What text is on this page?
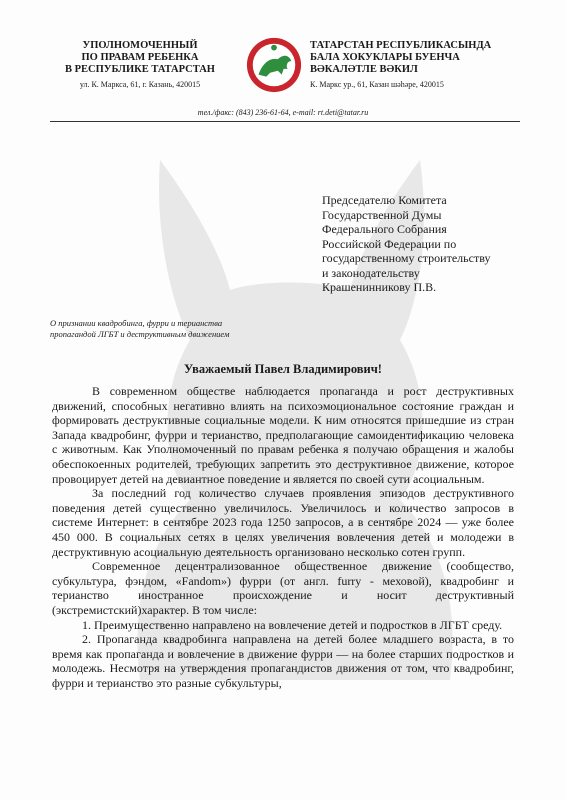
УПОЛНОМОЧЕННЫЙ
ПО ПРАВАМ РЕБЕНКА
В РЕСПУБЛИКЕ ТАТАРСТАН
ул. К. Маркса, 61, г. Казань, 420015
ТАТАРСТАН РЕСПУБЛИКАСЫНДА
БАЛА ХОКУКЛАРЫ БУЕНЧА
ВӘКАЛӘТЛЕ ВӘКИЛ
К. Маркс ур., 61, Казан шәһәре, 420015
тел./факс: (843) 236-61-64, e-mail: rt.deti@tatar.ru
Председателю Комитета
Государственной Думы
Федерального Собрания
Российской Федерации по
государственному строительству
и законодательству
Крашенинникову П.В.
О признании квадробинга, фурри и терианства
пропагандой ЛГБТ и деструктивным движением
Уважаемый Павел Владимирович!

В современном обществе наблюдается пропаганда и рост деструктивных движений, способных негативно влиять на психоэмоциональное состояние граждан и формировать деструктивные социальные модели. К ним относятся пришедшие из стран Запада квадробинг, фурри и терианство, предполагающие самоидентификацию человека с животным. Как Уполномоченный по правам ребенка я получаю обращения и жалобы обеспокоенных родителей, требующих запретить это деструктивное движение, которое провоцирует детей на девиантное поведение и является по своей сути асоциальным.

За последний год количество случаев проявления эпизодов деструктивного поведения детей существенно увеличилось. Увеличилось и количество запросов в системе Интернет: в сентябре 2023 года 1250 запросов, а в сентябре 2024 — уже более 450 000. В социальных сетях в целях увеличения вовлечения детей и молодежи в деструктивную асоциальную деятельность организовано несколько сотен групп.

Современное децентрализованное общественное движение (сообщество, субкультура, фэндом, «Fandom») фурри (от англ. furry - меховой), квадробинг и терианство иностранное происхождение и носит деструктивный (экстремистский)характер. В том числе:

1. Преимущественно направлено на вовлечение детей и подростков в ЛГБТ среду.

2. Пропаганда квадробинга направлена на детей более младшего возраста, в то время как пропаганда и вовлечение в движение фурри — на более старших подростков и молодежь. Несмотря на утверждения пропагандистов движения от том, что квадробинг, фурри и терианство это разные субкультуры,
